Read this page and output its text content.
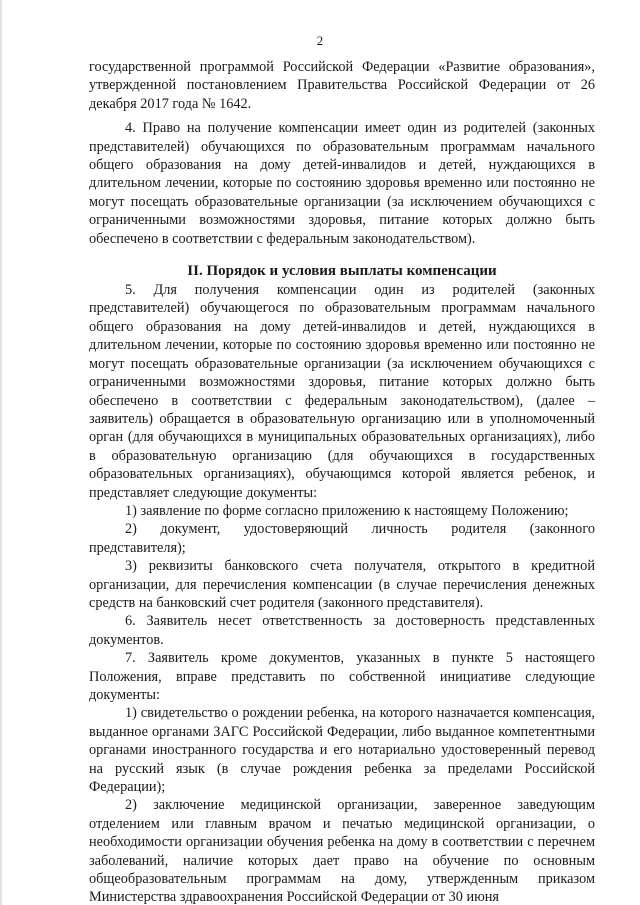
2

государственной программой Российской Федерации «Развитие образования», утвержденной постановлением Правительства Российской Федерации от 26 декабря 2017 года № 1642.

4. Право на получение компенсации имеет один из родителей (законных представителей) обучающихся по образовательным программам начального общего образования на дому детей-инвалидов и детей, нуждающихся в длительном лечении, которые по состоянию здоровья временно или постоянно не могут посещать образовательные организации (за исключением обучающихся с ограниченными возможностями здоровья, питание которых должно быть обеспечено в соответствии с федеральным законодательством).

II. Порядок и условия выплаты компенсации

5. Для получения компенсации один из родителей (законных представителей) обучающегося по образовательным программам начального общего образования на дому детей-инвалидов и детей, нуждающихся в длительном лечении, которые по состоянию здоровья временно или постоянно не могут посещать образовательные организации (за исключением обучающихся с ограниченными возможностями здоровья, питание которых должно быть обеспечено в соответствии с федеральным законодательством), (далее – заявитель) обращается в образовательную организацию или в уполномоченный орган (для обучающихся в муниципальных образовательных организациях), либо в образовательную организацию (для обучающихся в государственных образовательных организациях), обучающимся которой является ребенок, и представляет следующие документы:

1) заявление по форме согласно приложению к настоящему Положению;

2) документ, удостоверяющий личность родителя (законного представителя);

3) реквизиты банковского счета получателя, открытого в кредитной организации, для перечисления компенсации (в случае перечисления денежных средств на банковский счет родителя (законного представителя).

6. Заявитель несет ответственность за достоверность представленных документов.

7. Заявитель кроме документов, указанных в пункте 5 настоящего Положения, вправе представить по собственной инициативе следующие документы:

1) свидетельство о рождении ребенка, на которого назначается компенсация, выданное органами ЗАГС Российской Федерации, либо выданное компетентными органами иностранного государства и его нотариально удостоверенный перевод на русский язык (в случае рождения ребенка за пределами Российской Федерации);

2) заключение медицинской организации, заверенное заведующим отделением или главным врачом и печатью медицинской организации, о необходимости организации обучения ребенка на дому в соответствии с перечнем заболеваний, наличие которых дает право на обучение по основным общеобразовательным программам на дому, утвержденным приказом Министерства здравоохранения Российской Федерации от 30 июня
